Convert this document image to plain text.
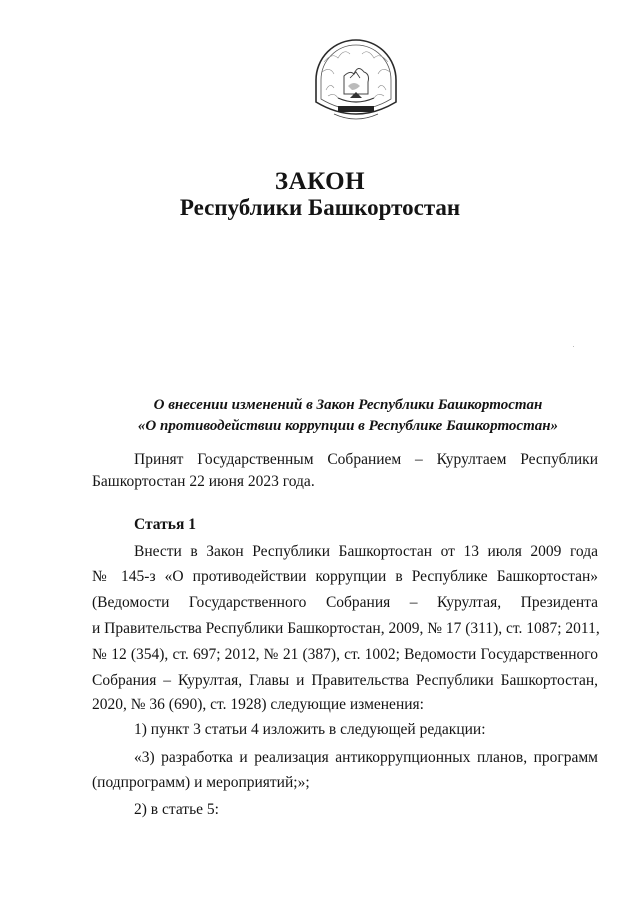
ЗАКОН
Республики Башкортостан
О внесении изменений в Закон Республики Башкортостан
«О противодействии коррупции в Республике Башкортостан»
Принят Государственным Собранием – Курултаем Республики
Башкортостан 22 июня 2023 года.
Статья 1
Внести в Закон Республики Башкортостан от 13 июля 2009 года
№ 145-з «О противодействии коррупции в Республике Башкортостан»
(Ведомости Государственного Собрания – Курултая, Президента
и Правительства Республики Башкортостан, 2009, № 17 (311), ст. 1087; 2011,
№ 12 (354), ст. 697; 2012, № 21 (387), ст. 1002; Ведомости Государственного
Собрания – Курултая, Главы и Правительства Республики Башкортостан,
2020, № 36 (690), ст. 1928) следующие изменения:
1) пункт 3 статьи 4 изложить в следующей редакции:
«3) разработка и реализация антикоррупционных планов, программ
(подпрограмм) и мероприятий;»;
2) в статье 5:
